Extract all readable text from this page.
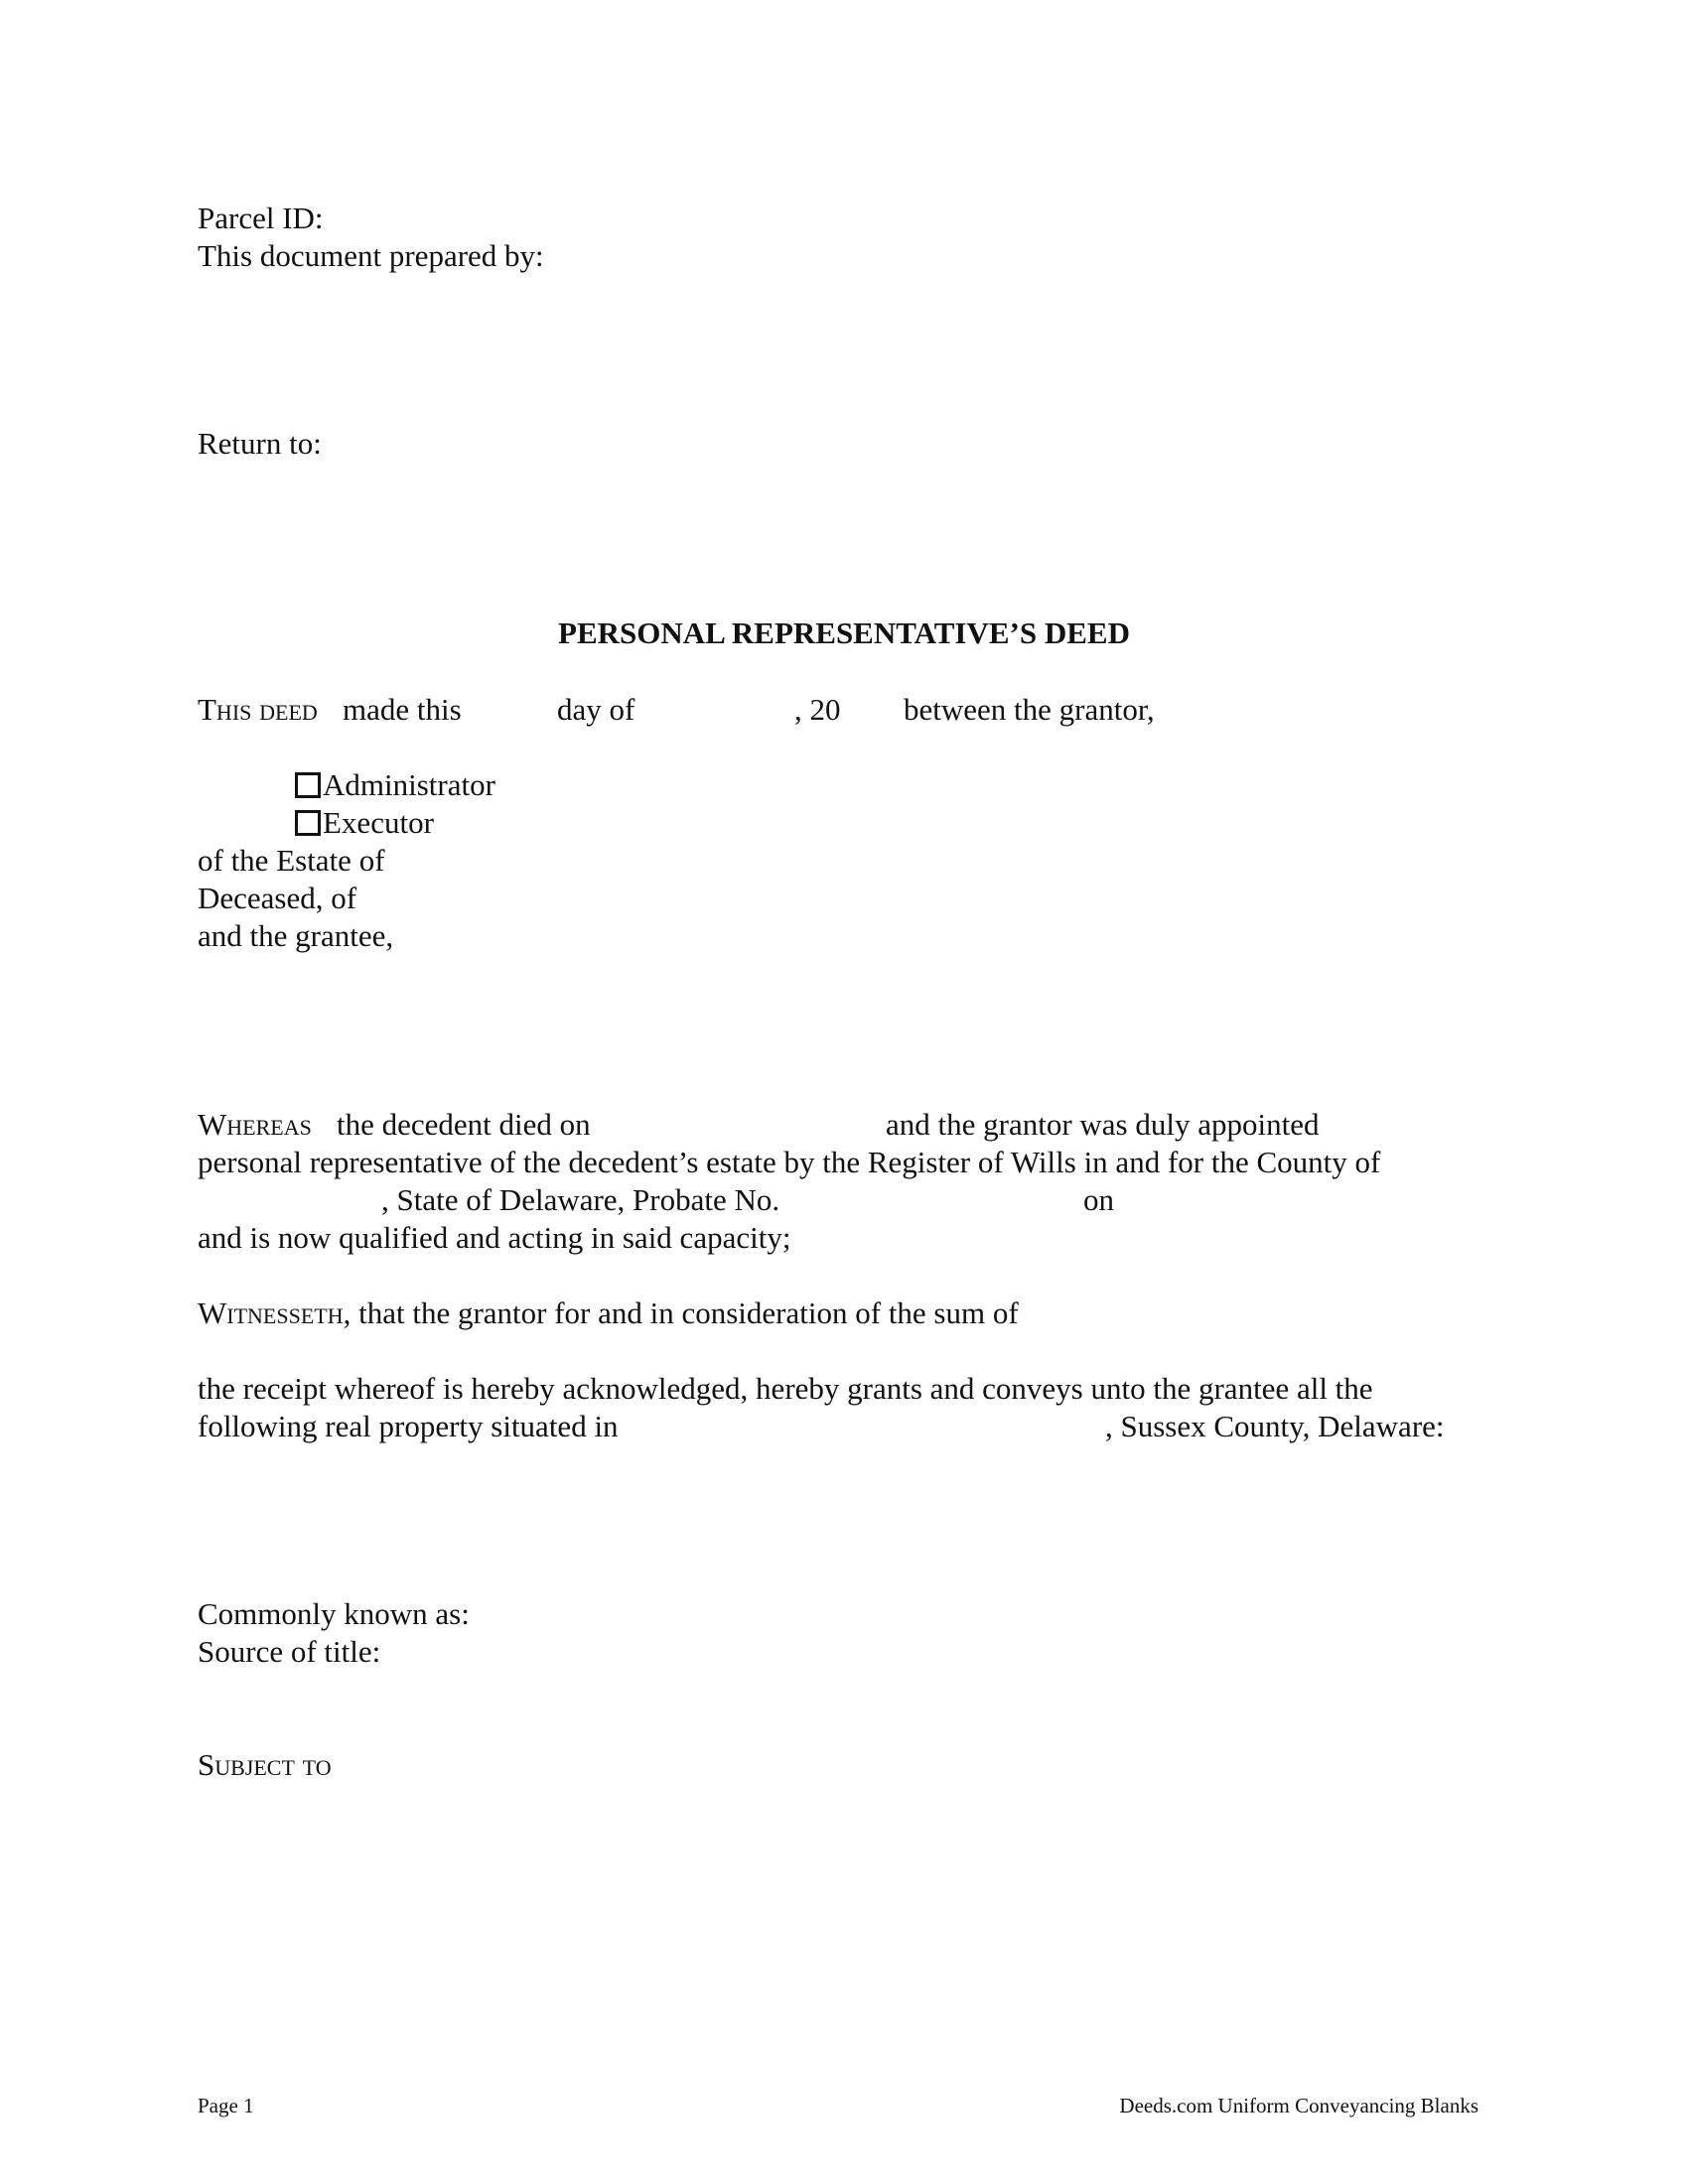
Parcel ID:
This document prepared by:
Return to:
PERSONAL REPRESENTATIVE’S DEED
This deed made this	day of	, 20 between the grantor,
Administrator
Executor
of the Estate of
Deceased, of
and the grantee,
Whereas the decedent died on	and the grantor was duly appointed
personal representative of the decedent’s estate by the Register of Wills in and for the County of
, State of Delaware, Probate No.	on
and is now qualified and acting in said capacity;
Witnesseth, that the grantor for and in consideration of the sum of
the receipt whereof is hereby acknowledged, hereby grants and conveys unto the grantee all the
following real property situated in	, Sussex County, Delaware:
Commonly known as:
Source of title:
Subject to
Page 1	Deeds.com Uniform Conveyancing Blanks
